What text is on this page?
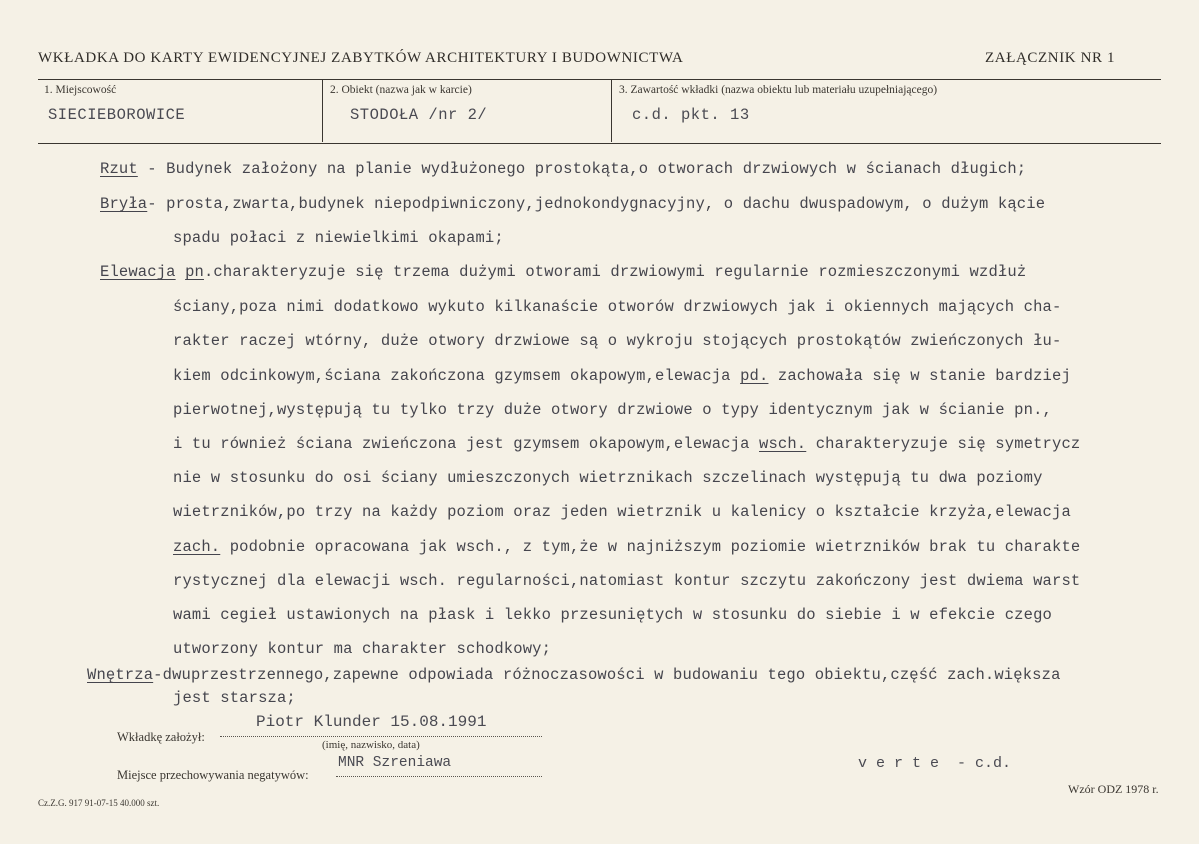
WKŁADKA DO KARTY EWIDENCYJNEJ ZABYTKÓW ARCHITEKTURY I BUDOWNICTWA	ZAŁĄCZNIK NR 1
1. Miejscowość
SIECIEBOROWICE
2. Obiekt (nazwa jak w karcie)
STODOŁA /nr 2/
3. Zawartość wkładki (nazwa obiektu lub materiału uzupełniającego)
c.d. pkt. 13
Rzut - Budynek założony na planie wydłużonego prostokąta,o otworach drzwiowych w ścianach długich;
Bryła- prosta,zwarta,budynek niepodpiwniczony,jednokondygnacyjny, o dachu dwuspadowym, o dużym kącie
spadu połaci z niewielkimi okapami;
Elewacja pn.charakteryzuje się trzema dużymi otworami drzwiowymi regularnie rozmieszczonymi wzdłuż
ściany,poza nimi dodatkowo wykuto kilkanaście otworów drzwiowych jak i okiennych mających cha-
rakter raczej wtórny, duże otwory drzwiowe są o wykroju stojących prostokątów zwieńczonych łu-
kiem odcinkowym,ściana zakończona gzymsem okapowym,elewacja pd. zachowała się w stanie bardziej
pierwotnej,występują tu tylko trzy duże otwory drzwiowe o typy identycznym jak w ścianie pn.,
i tu również ściana zwieńczona jest gzymsem okapowym,elewacja wsch. charakteryzuje się symetrycz
nie w stosunku do osi ściany umieszczonych wietrznikach szczelinach występują tu dwa poziomy
wietrzników,po trzy na każdy poziom oraz jeden wietrznik u kalenicy o kształcie krzyża,elewacja
zach. podobnie opracowana jak wsch., z tym,że w najniższym poziomie wietrzników brak tu charakte
rystycznej dla elewacji wsch. regularności,natomiast kontur szczytu zakończony jest dwiema warst
wami cegieł ustawionych na płask i lekko przesuniętych w stosunku do siebie i w efekcie czego
utworzony kontur ma charakter schodkowy;
Wnętrza-dwuprzestrzennego,zapewne odpowiada różnoczasowości w budowaniu tego obiektu,część zach.większa
jest starsza;
Wkładkę założył:
Piotr Klunder 15.08.1991
(imię, nazwisko, data)
Miejsce przechowywania negatywów:
MNR Szreniawa	v e r t e  - c.d.
Wzór ODZ 1978 r.
Cz.Z.G. 917 91-07-15 40.000 szt.
